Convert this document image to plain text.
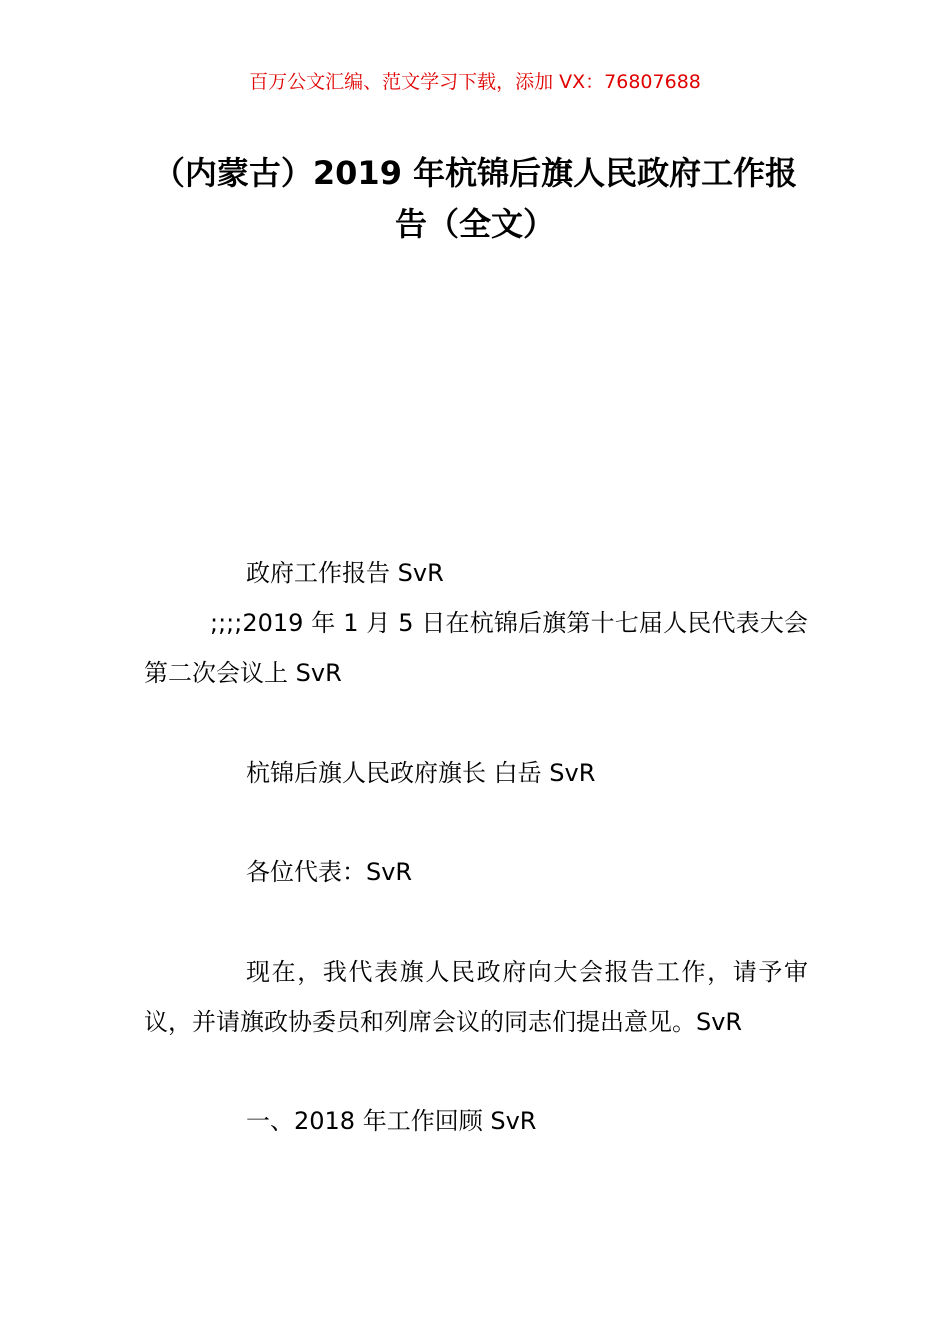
百万公文汇编、范文学习下载，添加 VX：76807688
（内蒙古）2019 年杭锦后旗人民政府工作报告（全文）
政府工作报告 SvR
;;;;2019 年 1 月 5 日在杭锦后旗第十七届人民代表大会第二次会议上 SvR
杭锦后旗人民政府旗长 白岳 SvR
各位代表：SvR
现在，我代表旗人民政府向大会报告工作，请予审议，并请旗政协委员和列席会议的同志们提出意见。SvR
一、2018 年工作回顾 SvR
